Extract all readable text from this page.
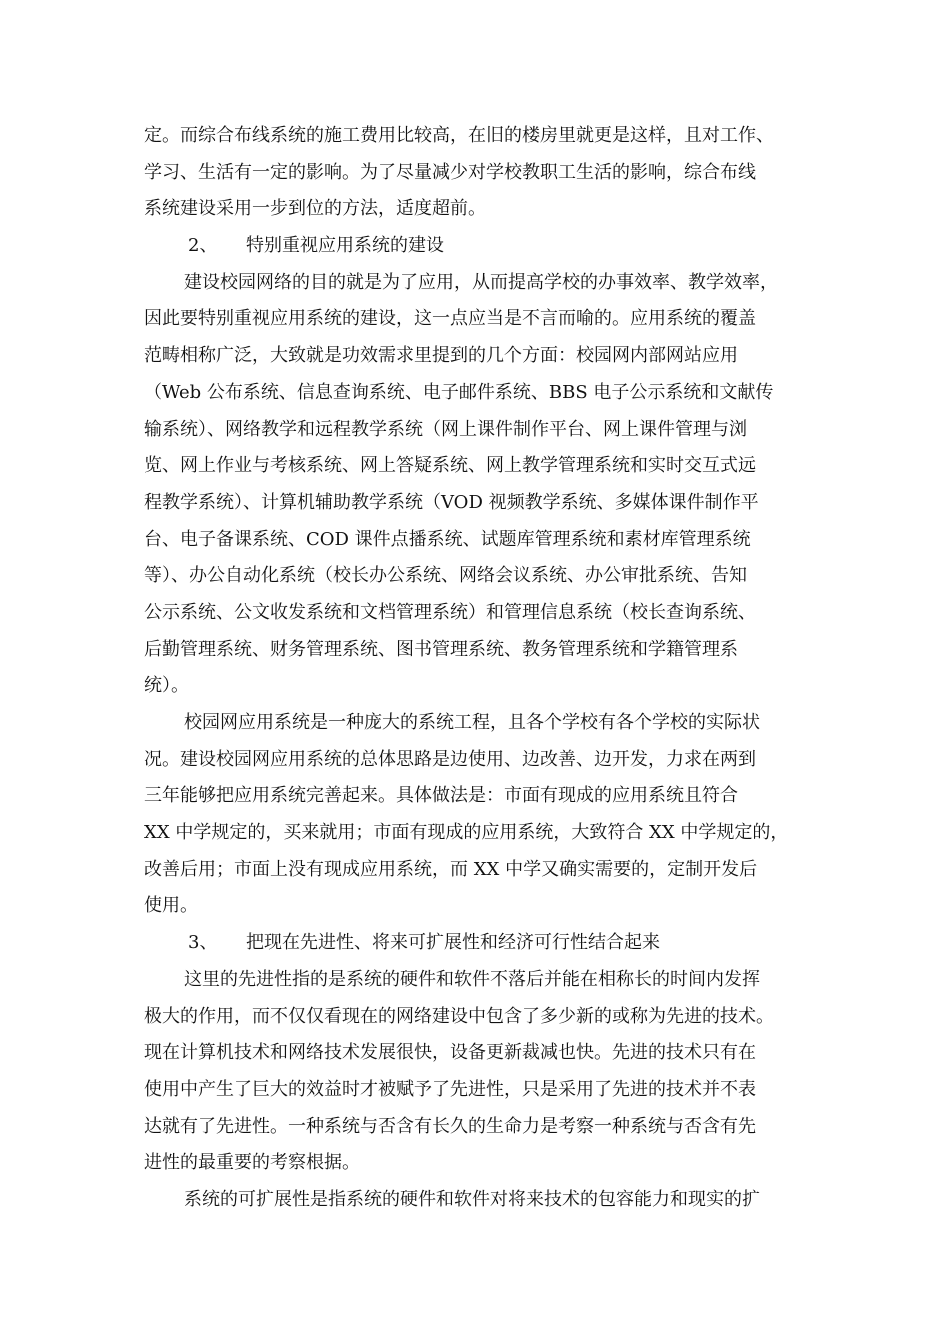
定。而综合布线系统的施工费用比较高，在旧的楼房里就更是这样，且对工作、
学习、生活有一定的影响。为了尽量减少对学校教职工生活的影响，综合布线
系统建设采用一步到位的方法，适度超前。
2、 特别重视应用系统的建设
建设校园网络的目的就是为了应用，从而提高学校的办事效率、教学效率，
因此要特别重视应用系统的建设，这一点应当是不言而喻的。应用系统的覆盖
范畴相称广泛，大致就是功效需求里提到的几个方面：校园网内部网站应用
（Web 公布系统、信息查询系统、电子邮件系统、BBS 电子公示系统和文献传
输系统）、网络教学和远程教学系统（网上课件制作平台、网上课件管理与浏
览、网上作业与考核系统、网上答疑系统、网上教学管理系统和实时交互式远
程教学系统）、计算机辅助教学系统（VOD 视频教学系统、多媒体课件制作平
台、电子备课系统、COD 课件点播系统、试题库管理系统和素材库管理系统
等）、办公自动化系统（校长办公系统、网络会议系统、办公审批系统、告知
公示系统、公文收发系统和文档管理系统）和管理信息系统（校长查询系统、
后勤管理系统、财务管理系统、图书管理系统、教务管理系统和学籍管理系
统）。
校园网应用系统是一种庞大的系统工程，且各个学校有各个学校的实际状
况。建设校园网应用系统的总体思路是边使用、边改善、边开发，力求在两到
三年能够把应用系统完善起来。具体做法是：市面有现成的应用系统且符合
XX 中学规定的，买来就用；市面有现成的应用系统，大致符合 XX 中学规定的，
改善后用；市面上没有现成应用系统，而 XX 中学又确实需要的，定制开发后
使用。
3、 把现在先进性、将来可扩展性和经济可行性结合起来
这里的先进性指的是系统的硬件和软件不落后并能在相称长的时间内发挥
极大的作用，而不仅仅看现在的网络建设中包含了多少新的或称为先进的技术。
现在计算机技术和网络技术发展很快，设备更新裁减也快。先进的技术只有在
使用中产生了巨大的效益时才被赋予了先进性，只是采用了先进的技术并不表
达就有了先进性。一种系统与否含有长久的生命力是考察一种系统与否含有先
进性的最重要的考察根据。
系统的可扩展性是指系统的硬件和软件对将来技术的包容能力和现实的扩
